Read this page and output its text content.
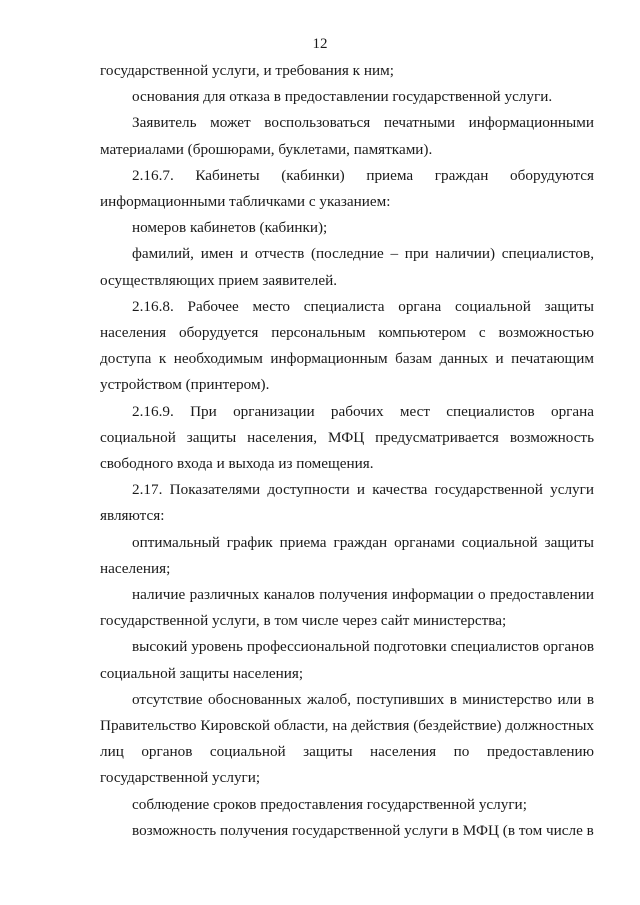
12

государственной услуги, и требования к ним;

основания для отказа в предоставлении государственной услуги.

Заявитель может воспользоваться печатными информационными материалами (брошюрами, буклетами, памятками).

2.16.7. Кабинеты (кабинки) приема граждан оборудуются информационными табличками с указанием:

номеров кабинетов (кабинки);

фамилий, имен и отчеств (последние – при наличии) специалистов, осуществляющих прием заявителей.

2.16.8. Рабочее место специалиста органа социальной защиты населения оборудуется персональным компьютером с возможностью доступа к необходимым информационным базам данных и печатающим устройством (принтером).

2.16.9. При организации рабочих мест специалистов органа социальной защиты населения, МФЦ предусматривается возможность свободного входа и выхода из помещения.

2.17. Показателями доступности и качества государственной услуги являются:

оптимальный график приема граждан органами социальной защиты населения;

наличие различных каналов получения информации о предоставлении государственной услуги, в том числе через сайт министерства;

высокий уровень профессиональной подготовки специалистов органов социальной защиты населения;

отсутствие обоснованных жалоб, поступивших в министерство или в Правительство Кировской области, на действия (бездействие) должностных лиц органов социальной защиты населения по предоставлению государственной услуги;

соблюдение сроков предоставления государственной услуги;

возможность получения государственной услуги в МФЦ (в том числе в
